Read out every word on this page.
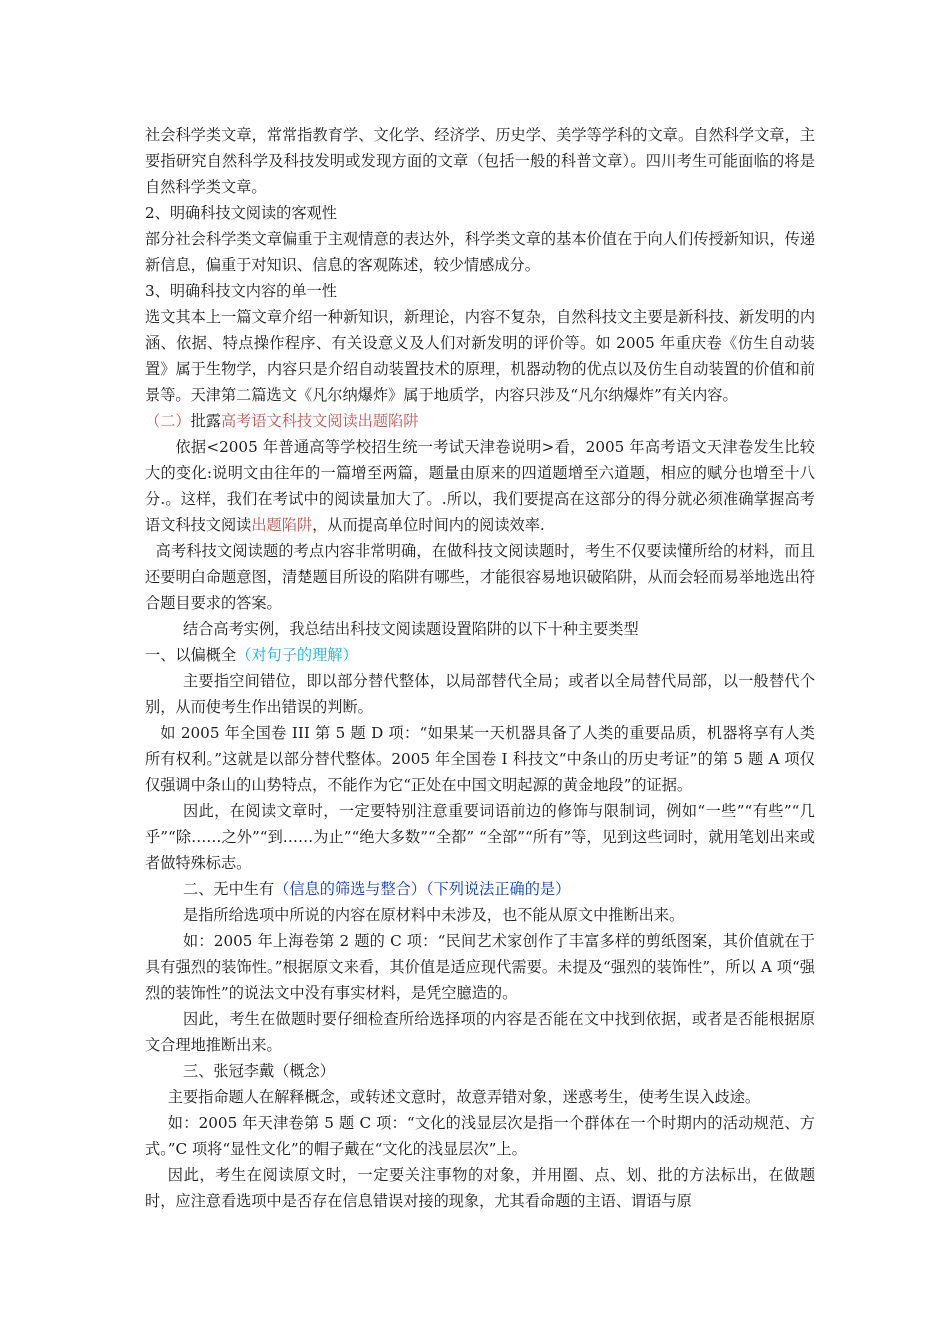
社会科学类文章，常常指教育学、文化学、经济学、历史学、美学等学科的文章。自然科学文章，主要指研究自然科学及科技发明或发现方面的文章（包括一般的科普文章）。四川考生可能面临的将是自然科学类文章。

2、明确科技文阅读的客观性

部分社会科学类文章偏重于主观情意的表达外，科学类文章的基本价值在于向人们传授新知识，传递新信息，偏重于对知识、信息的客观陈述，较少情感成分。

3、明确科技文内容的单一性

选文其本上一篇文章介绍一种新知识，新理论，内容不复杂，自然科技文主要是新科技、新发明的内涵、依据、特点操作程序、有关设意义及人们对新发明的评价等。如 2005 年重庆卷《仿生自动装置》属于生物学，内容只是介绍自动装置技术的原理，机器动物的优点以及仿生自动装置的价值和前景等。天津第二篇选文《凡尔纳爆炸》属于地质学，内容只涉及“凡尔纳爆炸”有关内容。

（二）批露高考语文科技文阅读出题陷阱

依据<2005 年普通高等学校招生统一考试天津卷说明>看，2005 年高考语文天津卷发生比较大的变化:说明文由往年的一篇增至两篇，题量由原来的四道题增至六道题，相应的赋分也增至十八分.。这样，我们在考试中的阅读量加大了。.所以，我们要提高在这部分的得分就必须准确掌握高考语文科技文阅读出题陷阱，从而提高单位时间内的阅读效率.

高考科技文阅读题的考点内容非常明确，在做科技文阅读题时，考生不仅要读懂所给的材料，而且还要明白命题意图，清楚题目所设的陷阱有哪些，才能很容易地识破陷阱，从而会轻而易举地选出符合题目要求的答案。

结合高考实例，我总结出科技文阅读题设置陷阱的以下十种主要类型

一、以偏概全（对句子的理解）

主要指空间错位，即以部分替代整体，以局部替代全局；或者以全局替代局部，以一般替代个别，从而使考生作出错误的判断。

如 2005 年全国卷 III 第 5 题 D 项：“如果某一天机器具备了人类的重要品质，机器将享有人类所有权利。”这就是以部分替代整体。2005 年全国卷 I 科技文“中条山的历史考证”的第 5 题 A 项仅仅强调中条山的山势特点，不能作为它“正处在中国文明起源的黄金地段”的证据。

因此，在阅读文章时，一定要特别注意重要词语前边的修饰与限制词，例如“一些”“有些”“几乎”“除……之外”“到……为止”“绝大多数”“全都” “全部”“所有”等，见到这些词时，就用笔划出来或者做特殊标志。

二、无中生有（信息的筛选与整合）（下列说法正确的是）

是指所给选项中所说的内容在原材料中未涉及，也不能从原文中推断出来。

如：2005 年上海卷第 2 题的 C 项：“民间艺术家创作了丰富多样的剪纸图案，其价值就在于具有强烈的装饰性。”根据原文来看，其价值是适应现代需要。未提及“强烈的装饰性”，所以 A 项“强烈的装饰性”的说法文中没有事实材料，是凭空臆造的。

因此，考生在做题时要仔细检查所给选择项的内容是否能在文中找到依据，或者是否能根据原文合理地推断出来。

三、张冠李戴（概念）

主要指命题人在解释概念，或转述文意时，故意弄错对象，迷惑考生，使考生误入歧途。

如：2005 年天津卷第 5 题 C 项：“文化的浅显层次是指一个群体在一个时期内的活动规范、方式。”C 项将“显性文化”的帽子戴在“文化的浅显层次”上。

因此，考生在阅读原文时，一定要关注事物的对象，并用圈、点、划、批的方法标出，在做题时，应注意看选项中是否存在信息错误对接的现象，尤其看命题的主语、谓语与原
